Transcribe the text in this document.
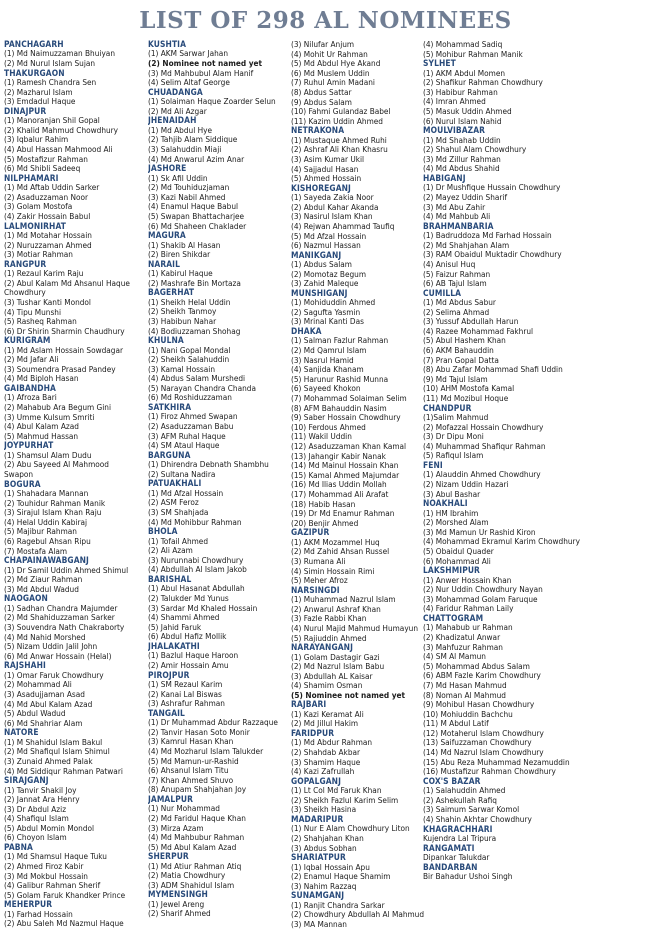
LIST OF 298 AL NOMINEES
PANCHAGARH
(1) Md Naimuzzaman Bhuiyan
(2) Md Nurul Islam Sujan
THAKURGAON
(1) Ramesh Chandra Sen
(2) Mazharul Islam
(3) Emdadul Haque
DINAJPUR
(1) Manoranjan Shil Gopal
(2) Khalid Mahmud Chowdhury
(3) Iqbalur Rahim
(4) Abul Hassan Mahmood Ali
(5) Mostafizur Rahman
(6) Md Shibli Sadeeq
NILPHAMARI
(1) Md Aftab Uddin Sarker
(2) Asaduzzaman Noor
(3) Golam Mostofa
(4) Zakir Hossain Babul
LALMONIRHAT
(1) Md Motahar Hossain
(2) Nuruzzaman Ahmed
(3) Motiar Rahman
RANGPUR
(1) Rezaul Karim Raju
(2) Abul Kalam Md Ahsanul Haque Chowdhury
(3) Tushar Kanti Mondol
(4) Tipu Munshi
(5) Rasheq Rahman
(6) Dr Shirin Sharmin Chaudhury
KURIGRAM
(1) Md Aslam Hossain Sowdagar
(2) Md Jafar Ali
(3) Soumendra Prasad Pandey
(4) Md Biploh Hasan
GAIBANDHA
(1) Afroza Bari
(2) Mahabub Ara Begum Gini
(3) Umme Kulsum Smriti
(4) Abul Kalam Azad
(5) Mahmud Hassan
JOYPURHAT
(1) Shamsul Alam Dudu
(2) Abu Sayeed Al Mahmood Swapon
BOGURA
(1) Shahadara Mannan
(2) Touhidur Rahman Manik
(3) Sirajul Islam Khan Raju
(4) Helal Uddin Kabiraj
(5) Majibur Rahman
(6) Ragebul Ahsan Ripu
(7) Mostafa Alam
CHAPAINAWABGANJ
(1) Dr Samil Uddin Ahmed Shimul
(2) Md Ziaur Rahman
(3) Md Abdul Wadud
NAOGAON
(1) Sadhan Chandra Majumder
(2) Md Shahiduzzaman Sarker
(3) Souvendra Nath Chakraborty
(4) Md Nahid Morshed
(5) Nizam Uddin Jalil John
(6) Md Anwar Hossain (Helal)
RAJSHAHI
(1) Omar Faruk Chowdhury
(2) Mohammad Ali
(3) Asadujjaman Asad
(4) Md Abul Kalam Azad
(5) Abdul Wadud
(6) Md Shahriar Alam
NATORE
(1) M Shahidul Islam Bakul
(2) Md Shafiqul Islam Shimul
(3) Zunaid Ahmed Palak
(4) Md Siddiqur Rahman Patwari
SIRAJGANJ
(1) Tanvir Shakil Joy
(2) Jannat Ara Henry
(3) Dr Abdul Aziz
(4) Shafiqul Islam
(5) Abdul Momin Mondol
(6) Choyon Islam
PABNA
(1) Md Shamsul Haque Tuku
(2) Ahmed Firoz Kabir
(3) Md Mokbul Hossain
(4) Galibur Rahman Sherif
(5) Golam Faruk Khandker Prince
MEHERPUR
(1) Farhad Hossain
(2) Abu Saleh Md Nazmul Haque
KUSHTIA
(1) AKM Sarwar Jahan
(2) Nominee not named yet
(3) Md Mahbubul Alam Hanif
(4) Selim Altaf George
CHUADANGA
(1) Solaiman Haque Zoarder Selun
(2) Md Ali Azgar
JHENAIDAH
(1) Md Abdul Hye
(2) Tahjib Alam Siddique
(3) Salahuddin Miaji
(4) Md Anwarul Azim Anar
JASHORE
(1) Sk Afil Uddin
(2) Md Touhiduzjaman
(3) Kazi Nabil Ahmed
(4) Enamul Haque Babul
(5) Swapan Bhattacharjee
(6) Md Shaheen Chaklader
MAGURA
(1) Shakib Al Hasan
(2) Biren Shikdar
NARAIL
(1) Kabirul Haque
(2) Mashrafe Bin Mortaza
BAGERHAT
(1) Sheikh Helal Uddin
(2) Sheikh Tanmoy
(3) Habibun Nahar
(4) Bodiuzzaman Shohag
KHULNA
(1) Nani Gopal Mondal
(2) Sheikh Salahuddin
(3) Kamal Hossain
(4) Abdus Salam Murshedi
(5) Narayan Chandra Chanda
(6) Md Roshiduzzaman
SATKHIRA
(1) Firoz Ahmed Swapan
(2) Asaduzzaman Babu
(3) AFM Ruhal Haque
(4) SM Ataul Haque
BARGUNA
(1) Dhirendra Debnath Shambhu
(2) Sultana Nadira
PATUAKHALI
(1) Md Afzal Hossain
(2) ASM Feroz
(3) SM Shahjada
(4) Md Mohibbur Rahman
BHOLA
(1) Tofail Ahmed
(2) Ali Azam
(3) Nurunnabi Chowdhury
(4) Abdullah Al Islam Jakob
BARISHAL
(1) Abul Hasanat Abdullah
(2) Talukder Md Yunus
(3) Sardar Md Khaled Hossain
(4) Shammi Ahmed
(5) Jahid Faruk
(6) Abdul Hafiz Mollik
JHALAKATHI
(1) Bazlul Haque Haroon
(2) Amir Hossain Amu
PIROJPUR
(1) SM Rezaul Karim
(2) Kanai Lal Biswas
(3) Ashrafur Rahman
TANGAIL
(1) Dr Muhammad Abdur Razzaque
(2) Tanvir Hasan Soto Monir
(3) Kamrul Hasan Khan
(4) Md Mozharul Islam Talukder
(5) Md Mamun-ur-Rashid
(6) Ahsanul Islam Titu
(7) Khan Ahmed Shuvo
(8) Anupam Shahjahan Joy
JAMALPUR
(1) Nur Mohammad
(2) Md Faridul Haque Khan
(3) Mirza Azam
(4) Md Mahbubur Rahman
(5) Md Abul Kalam Azad
SHERPUR
(1) Md Atiur Rahman Atiq
(2) Matia Chowdhury
(3) ADM Shahidul Islam
MYMENSINGH
(1) Jewel Areng
(2) Sharif Ahmed
(3) Nilufar Anjum
(4) Mohit Ur Rahman
(5) Md Abdul Hye Akand
(6) Md Muslem Uddin
(7) Ruhul Amin Madani
(8) Abdus Sattar
(9) Abdus Salam
(10) Fahmi Gulandaz Babel
(11) Kazim Uddin Ahmed
NETRAKONA
(1) Mustaque Ahmed Ruhi
(2) Ashraf Ali Khan Khasru
(3) Asim Kumar Ukil
(4) Sajjadul Hasan
(5) Ahmed Hossain
KISHOREGANJ
(1) Sayeda Zakia Noor
(2) Abdul Kahar Akanda
(3) Nasirul Islam Khan
(4) Rejwan Ahammad Taufiq
(5) Md Afzal Hossain
(6) Nazmul Hassan
MANIKGANJ
(1) Abdus Salam
(2) Momotaz Begum
(3) Zahid Maleque
MUNSHIGANJ
(1) Mohiduddin Ahmed
(2) Sagufta Yasmin
(3) Mrinal Kanti Das
DHAKA
(1) Salman Fazlur Rahman
(2) Md Qamrul Islam
(3) Nasrul Hamid
(4) Sanjida Khanam
(5) Harunur Rashid Munna
(6) Sayeed Khokon
(7) Mohammad Solaiman Selim
(8) AFM Bahauddin Nasim
(9) Saber Hossain Chowdhury
(10) Ferdous Ahmed
(11) Wakil Uddin
(12) Asaduzzaman Khan Kamal
(13) Jahangir Kabir Nanak
(14) Md Mainul Hossain Khan
(15) Kamal Ahmed Majumdar
(16) Md Ilias Uddin Mollah
(17) Mohammad Ali Arafat
(18) Habib Hasan
(19) Dr Md Enamur Rahman
(20) Benjir Ahmed
GAZIPUR
(1) AKM Mozammel Huq
(2) Md Zahid Ahsan Russel
(3) Rumana Ali
(4) Simin Hossain Rimi
(5) Meher Afroz
NARSINGDI
(1) Muhammad Nazrul Islam
(2) Anwarul Ashraf Khan
(3) Fazle Rabbi Khan
(4) Nurul Majid Mahmud Humayun
(5) Rajiuddin Ahmed
NARAYANGANJ
(1) Golam Dastagir Gazi
(2) Md Nazrul Islam Babu
(3) Abdullah AL Kaisar
(4) Shamim Osman
(5) Nominee not named yet
RAJBARI
(1) Kazi Keramat Ali
(2) Md Jillul Hakim
FARIDPUR
(1) Md Abdur Rahman
(2) Shahdab Akbar
(3) Shamim Haque
(4) Kazi Zafrullah
GOPALGANJ
(1) Lt Col Md Faruk Khan
(2) Sheikh Fazlul Karim Selim
(3) Sheikh Hasina
MADARIPUR
(1) Nur E Alam Chowdhury Liton
(2) Shahjahan Khan
(3) Abdus Sobhan
SHARIATPUR
(1) Iqbal Hossain Apu
(2) Enamul Haque Shamim
(3) Nahim Razzaq
SUNAMGANJ
(1) Ranjit Chandra Sarkar
(2) Chowdhury Abdullah Al Mahmud
(3) MA Mannan
(4) Mohammad Sadiq
(5) Mohibur Rahman Manik
SYLHET
(1) AKM Abdul Momen
(2) Shafikur Rahman Chowdhury
(3) Habibur Rahman
(4) Imran Ahmed
(5) Masuk Uddin Ahmed
(6) Nurul Islam Nahid
MOULVIBAZAR
(1) Md Shahab Uddin
(2) Shahul Alam Chowdhury
(3) Md Zillur Rahman
(4) Md Abdus Shahid
HABIGANJ
(1) Dr Mushfique Hussain Chowdhury
(2) Mayez Uddin Sharif
(3) Md Abu Zahir
(4) Md Mahbub Ali
BRAHMANBARIA
(1) Badruddoza Md Farhad Hossain
(2) Md Shahjahan Alam
(3) RAM Obaidul Muktadir Chowdhury
(4) Anisul Huq
(5) Faizur Rahman
(6) AB Tajul Islam
CUMILLA
(1) Md Abdus Sabur
(2) Selima Ahmad
(3) Yussuf Abdullah Harun
(4) Razee Mohammad Fakhrul
(5) Abul Hashem Khan
(6) AKM Bahauddin
(7) Pran Gopal Datta
(8) Abu Zafar Mohammad Shafi Uddin
(9) Md Tajul Islam
(10) AHM Mostofa Kamal
(11) Md Mozibul Hoque
CHANDPUR
(1)Salim Mahmud
(2) Mofazzal Hossain Chowdhury
(3) Dr Dipu Moni
(4) Muhammad Shafiqur Rahman
(5) Rafiqul Islam
FENI
(1) Alauddin Ahmed Chowdhury
(2) Nizam Uddin Hazari
(3) Abul Bashar
NOAKHALI
(1) HM Ibrahim
(2) Morshed Alam
(3) Md Mamun Ur Rashid Kiron
(4) Mohammad Ekramul Karim Chowdhury
(5) Obaidul Quader
(6) Mohammad Ali
LAKSHMIPUR
(1) Anwer Hossain Khan
(2) Nur Uddin Chowdhury Nayan
(3) Mohammad Golam Faruque
(4) Faridur Rahman Laily
CHATTOGRAM
(1) Mahabub ur Rahman
(2) Khadizatul Anwar
(3) Mahfuzur Rahman
(4) SM Al Mamun
(5) Mohammad Abdus Salam
(6) ABM Fazle Karim Chowdhury
(7) Md Hasan Mahmud
(8) Noman Al Mahmud
(9) Mohibul Hasan Chowdhury
(10) Mohiuddin Bachchu
(11) M Abdul Latif
(12) Motaherul Islam Chowdhury
(13) Saifuzzaman Chowdhury
(14) Md Nazrul Islam Chowdhury
(15) Abu Reza Muhammad Nezamuddin
(16) Mustafizur Rahman Chowdhury
COX'S BAZAR
(1) Salahuddin Ahmed
(2) Ashekullah Rafiq
(3) Saimum Sarwar Komol
(4) Shahin Akhtar Chowdhury
KHAGRACHHARI
Kujendra Lal Tripura
RANGAMATI
Dipankar Talukdar
BANDARBAN
Bir Bahadur Ushoi Singh
